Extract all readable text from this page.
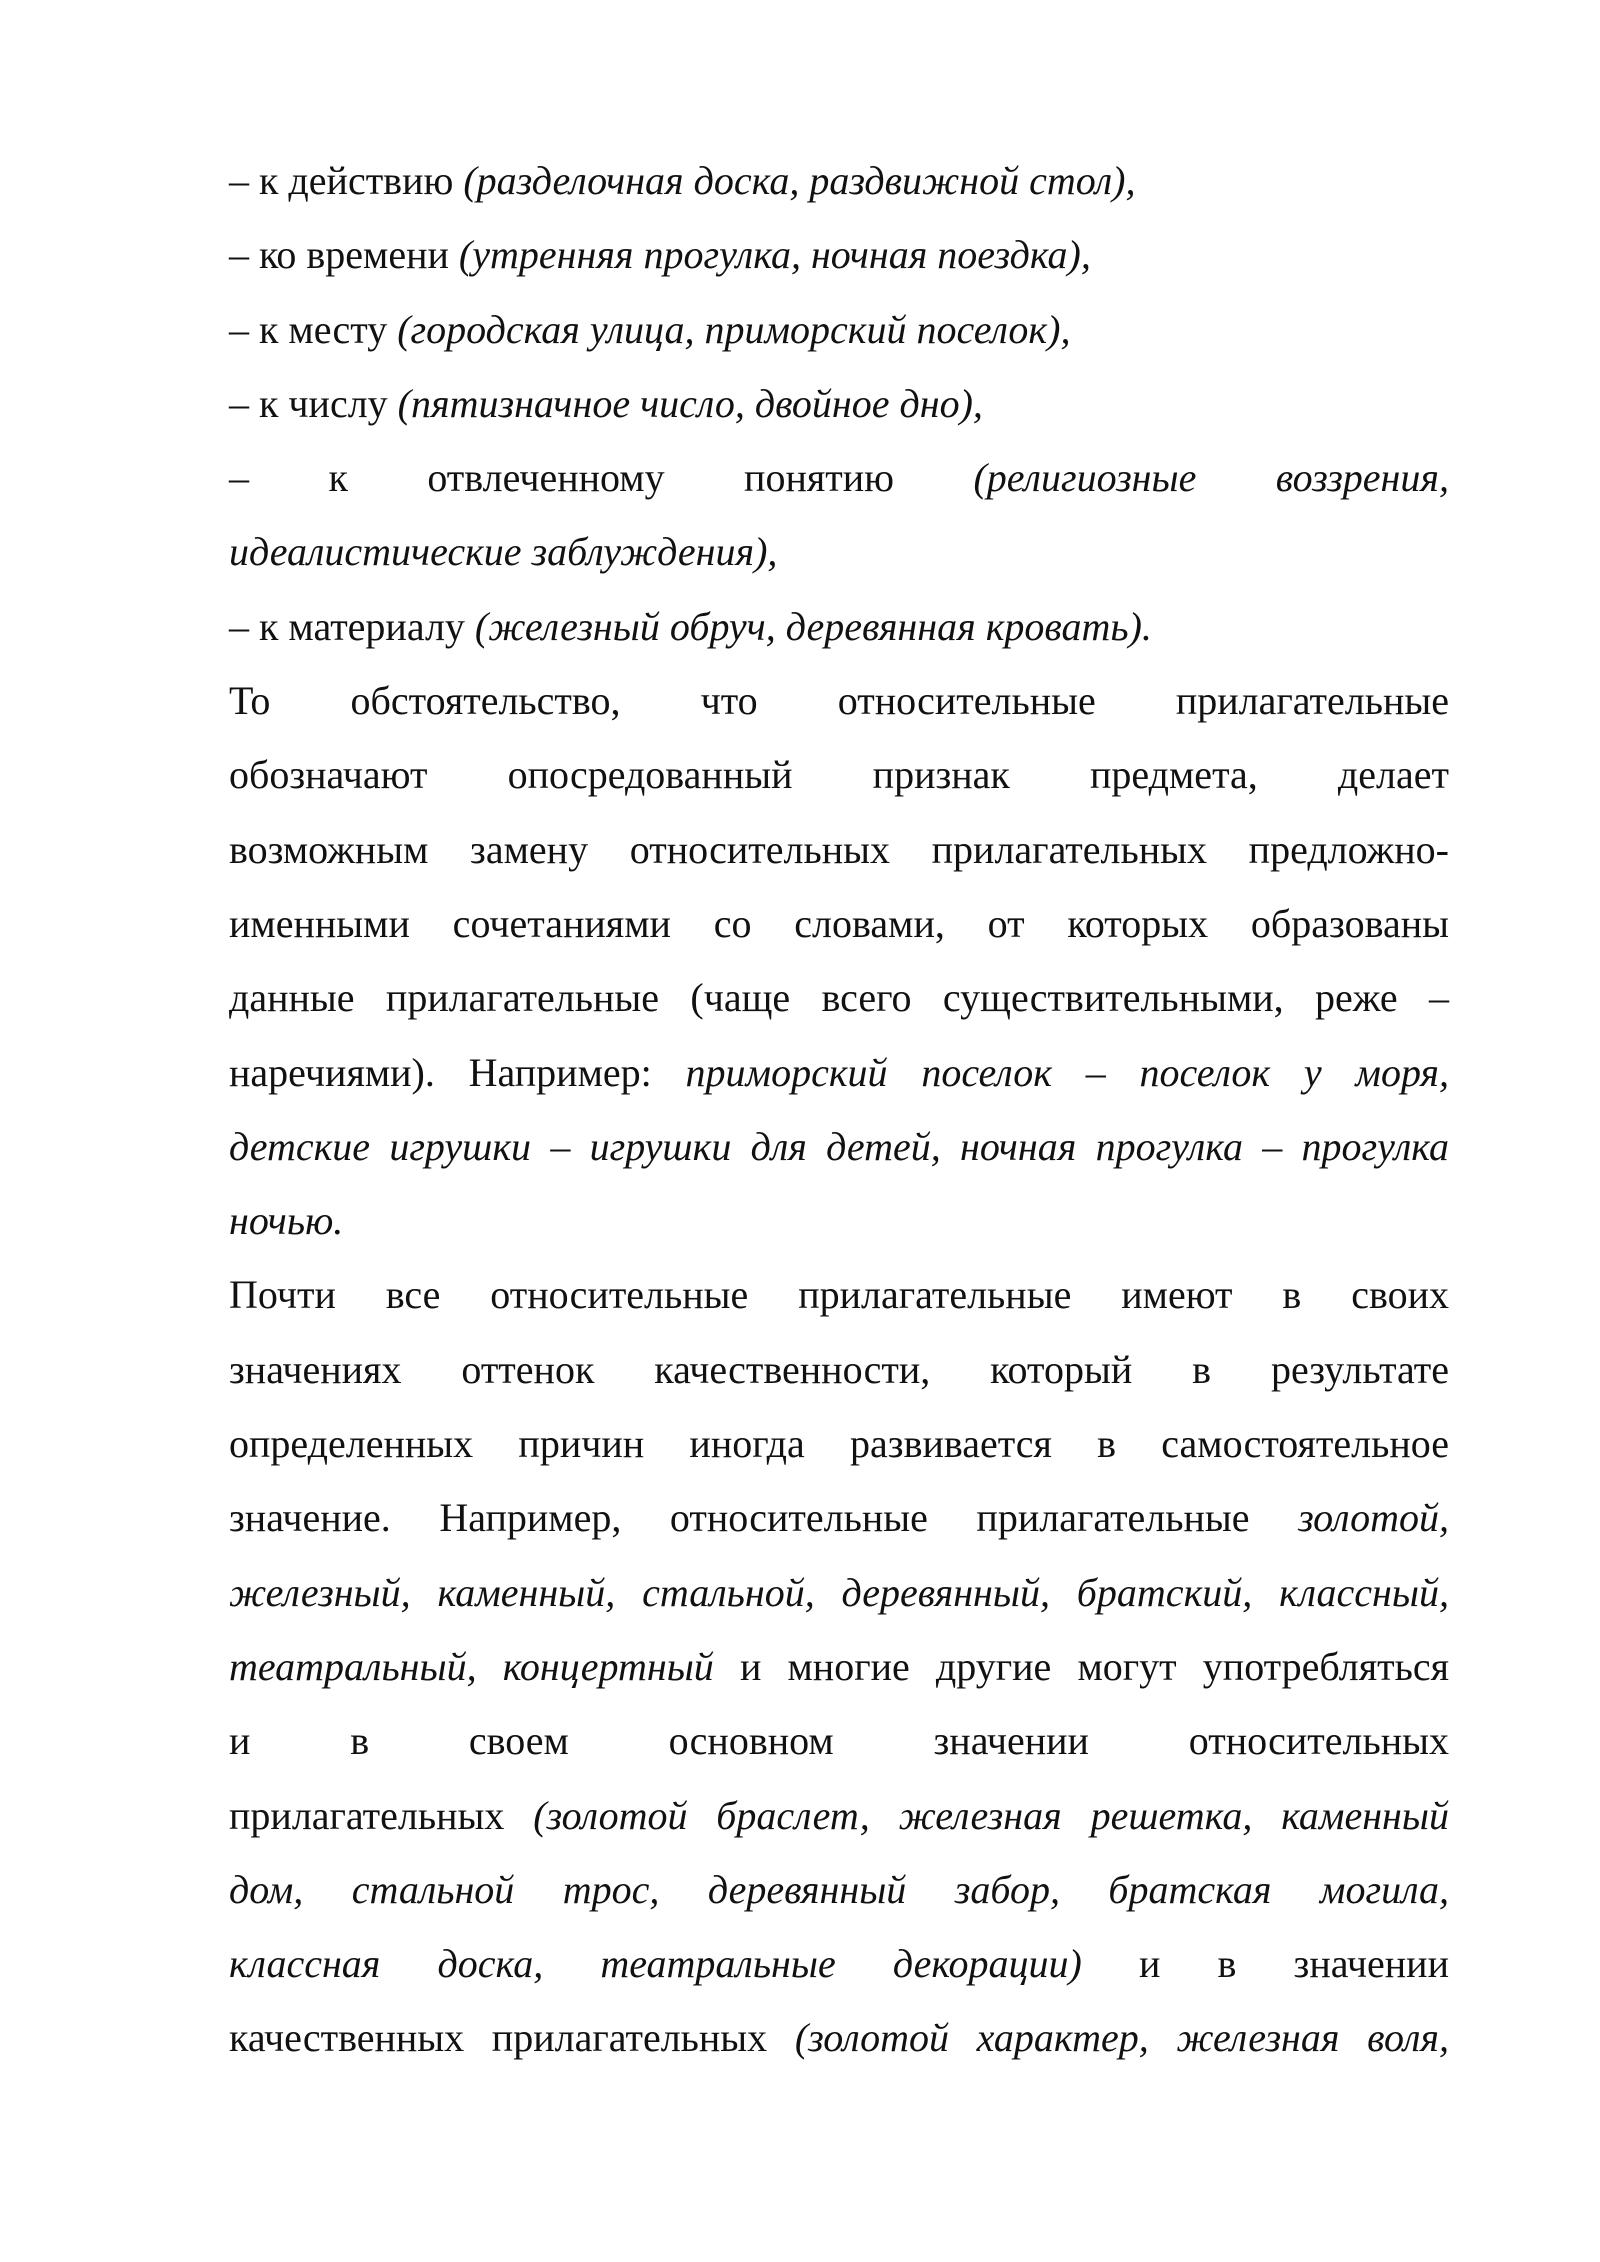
– к действию (разделочная доска, раздвижной стол),
– ко времени (утренняя прогулка, ночная поездка),
– к месту (городская улица, приморский поселок),
– к числу (пятизначное число, двойное дно),
– к отвлеченному понятию (религиозные воззрения,
идеалистические заблуждения),
– к материалу (железный обруч, деревянная кровать).
То обстоятельство, что относительные прилагательные
обозначают опосредованный признак предмета, делает
возможным замену относительных прилагательных предложно-
именными сочетаниями со словами, от которых образованы
данные прилагательные (чаще всего существительными, реже –
наречиями). Например: приморский поселок – поселок у моря,
детские игрушки – игрушки для детей, ночная прогулка – прогулка
ночью.
Почти все относительные прилагательные имеют в своих
значениях оттенок качественности, который в результате
определенных причин иногда развивается в самостоятельное
значение. Например, относительные прилагательные золотой,
железный, каменный, стальной, деревянный, братский, классный,
театральный, концертный и многие другие могут употребляться
и в своем основном значении относительных
прилагательных (золотой браслет, железная решетка, каменный
дом, стальной трос, деревянный забор, братская могила,
классная доска, театральные декорации) и в значении
качественных прилагательных (золотой характер, железная воля,
